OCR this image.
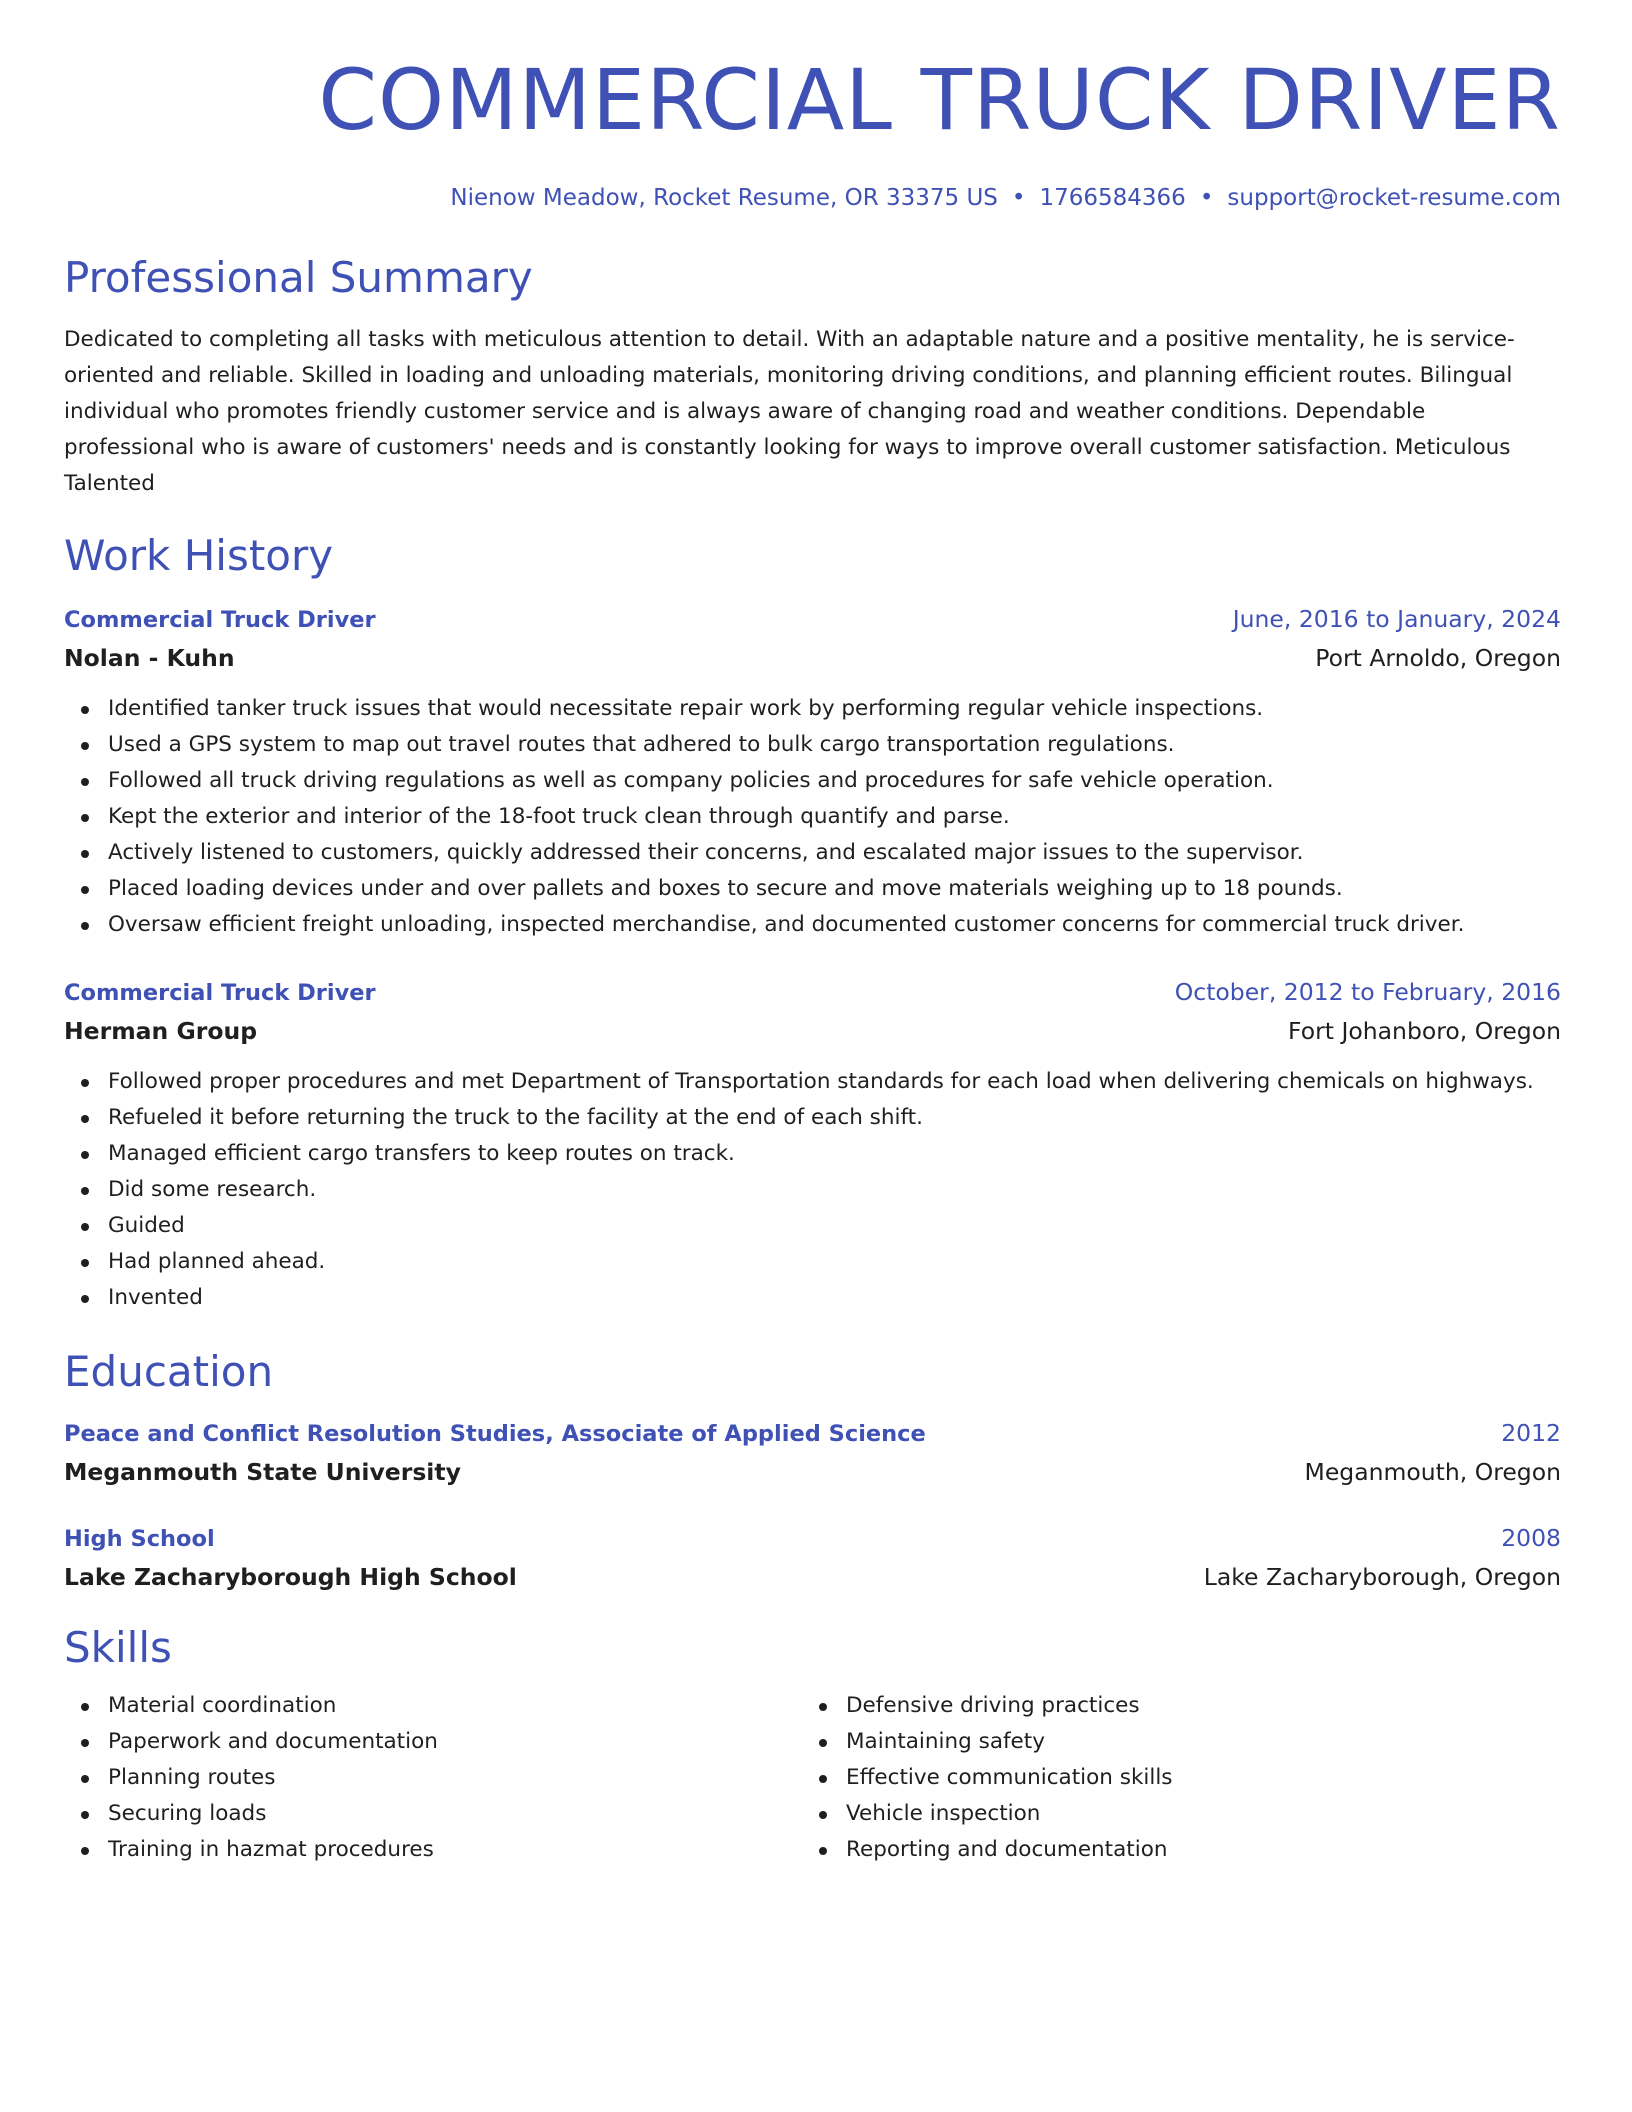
COMMERCIAL TRUCK DRIVER
Nienow Meadow, Rocket Resume, OR 33375 US • 1766584366 • support@rocket-resume.com
Professional Summary
Dedicated to completing all tasks with meticulous attention to detail. With an adaptable nature and a positive mentality, he is service-oriented and reliable. Skilled in loading and unloading materials, monitoring driving conditions, and planning efficient routes. Bilingual individual who promotes friendly customer service and is always aware of changing road and weather conditions. Dependable professional who is aware of customers' needs and is constantly looking for ways to improve overall customer satisfaction. Meticulous Talented
Work History
Commercial Truck Driver	June, 2016 to January, 2024
Nolan - Kuhn	Port Arnoldo, Oregon
Identified tanker truck issues that would necessitate repair work by performing regular vehicle inspections.
Used a GPS system to map out travel routes that adhered to bulk cargo transportation regulations.
Followed all truck driving regulations as well as company policies and procedures for safe vehicle operation.
Kept the exterior and interior of the 18-foot truck clean through quantify and parse.
Actively listened to customers, quickly addressed their concerns, and escalated major issues to the supervisor.
Placed loading devices under and over pallets and boxes to secure and move materials weighing up to 18 pounds.
Oversaw efficient freight unloading, inspected merchandise, and documented customer concerns for commercial truck driver.
Commercial Truck Driver	October, 2012 to February, 2016
Herman Group	Fort Johanboro, Oregon
Followed proper procedures and met Department of Transportation standards for each load when delivering chemicals on highways.
Refueled it before returning the truck to the facility at the end of each shift.
Managed efficient cargo transfers to keep routes on track.
Did some research.
Guided
Had planned ahead.
Invented
Education
Peace and Conflict Resolution Studies, Associate of Applied Science	2012
Meganmouth State University	Meganmouth, Oregon
High School	2008
Lake Zacharyborough High School	Lake Zacharyborough, Oregon
Skills
Material coordination
Paperwork and documentation
Planning routes
Securing loads
Training in hazmat procedures
Defensive driving practices
Maintaining safety
Effective communication skills
Vehicle inspection
Reporting and documentation
